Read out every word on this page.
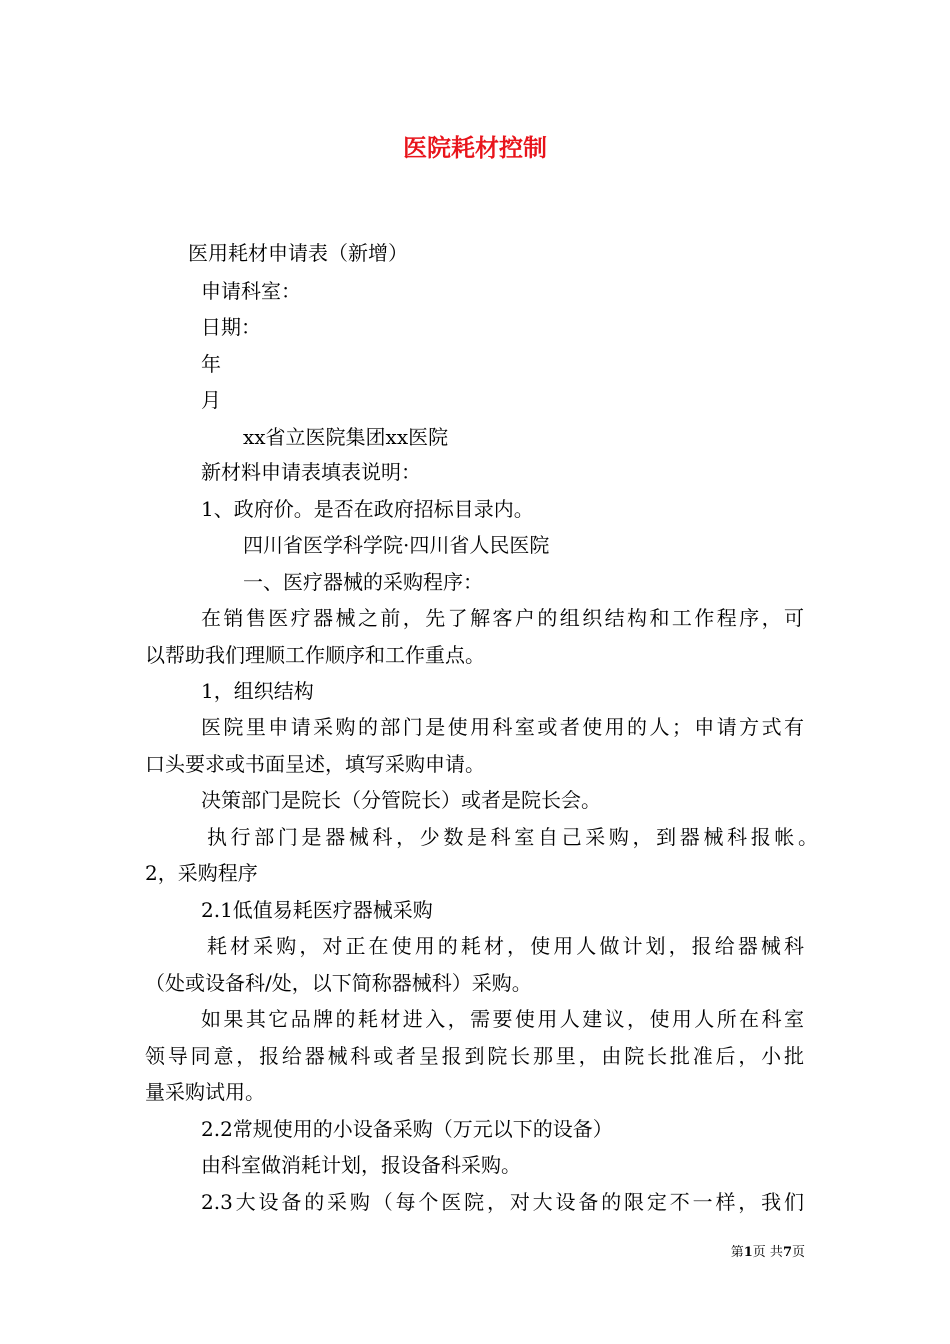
医院耗材控制

医用耗材申请表（新增）

申请科室：

日期：

年

月

xx省立医院集团xx医院

新材料申请表填表说明：

1、政府价。是否在政府招标目录内。

四川省医学科学院·四川省人民医院

一、医疗器械的采购程序：

在销售医疗器械之前，先了解客户的组织结构和工作程序，可

以帮助我们理顺工作顺序和工作重点。

1，组织结构

医院里申请采购的部门是使用科室或者使用的人；申请方式有

口头要求或书面呈述，填写采购申请。

决策部门是院长（分管院长）或者是院长会。

执行部门是器械科，少数是科室自己采购，到器械科报帐。

2，采购程序

2.1低值易耗医疗器械采购

耗材采购，对正在使用的耗材，使用人做计划，报给器械科

（处或设备科/处，以下简称器械科）采购。

如果其它品牌的耗材进入，需要使用人建议，使用人所在科室

领导同意，报给器械科或者呈报到院长那里，由院长批准后，小批

量采购试用。

2.2常规使用的小设备采购（万元以下的设备）

由科室做消耗计划，报设备科采购。

2.3大设备的采购（每个医院，对大设备的限定不一样，我们

第1页 共7页
